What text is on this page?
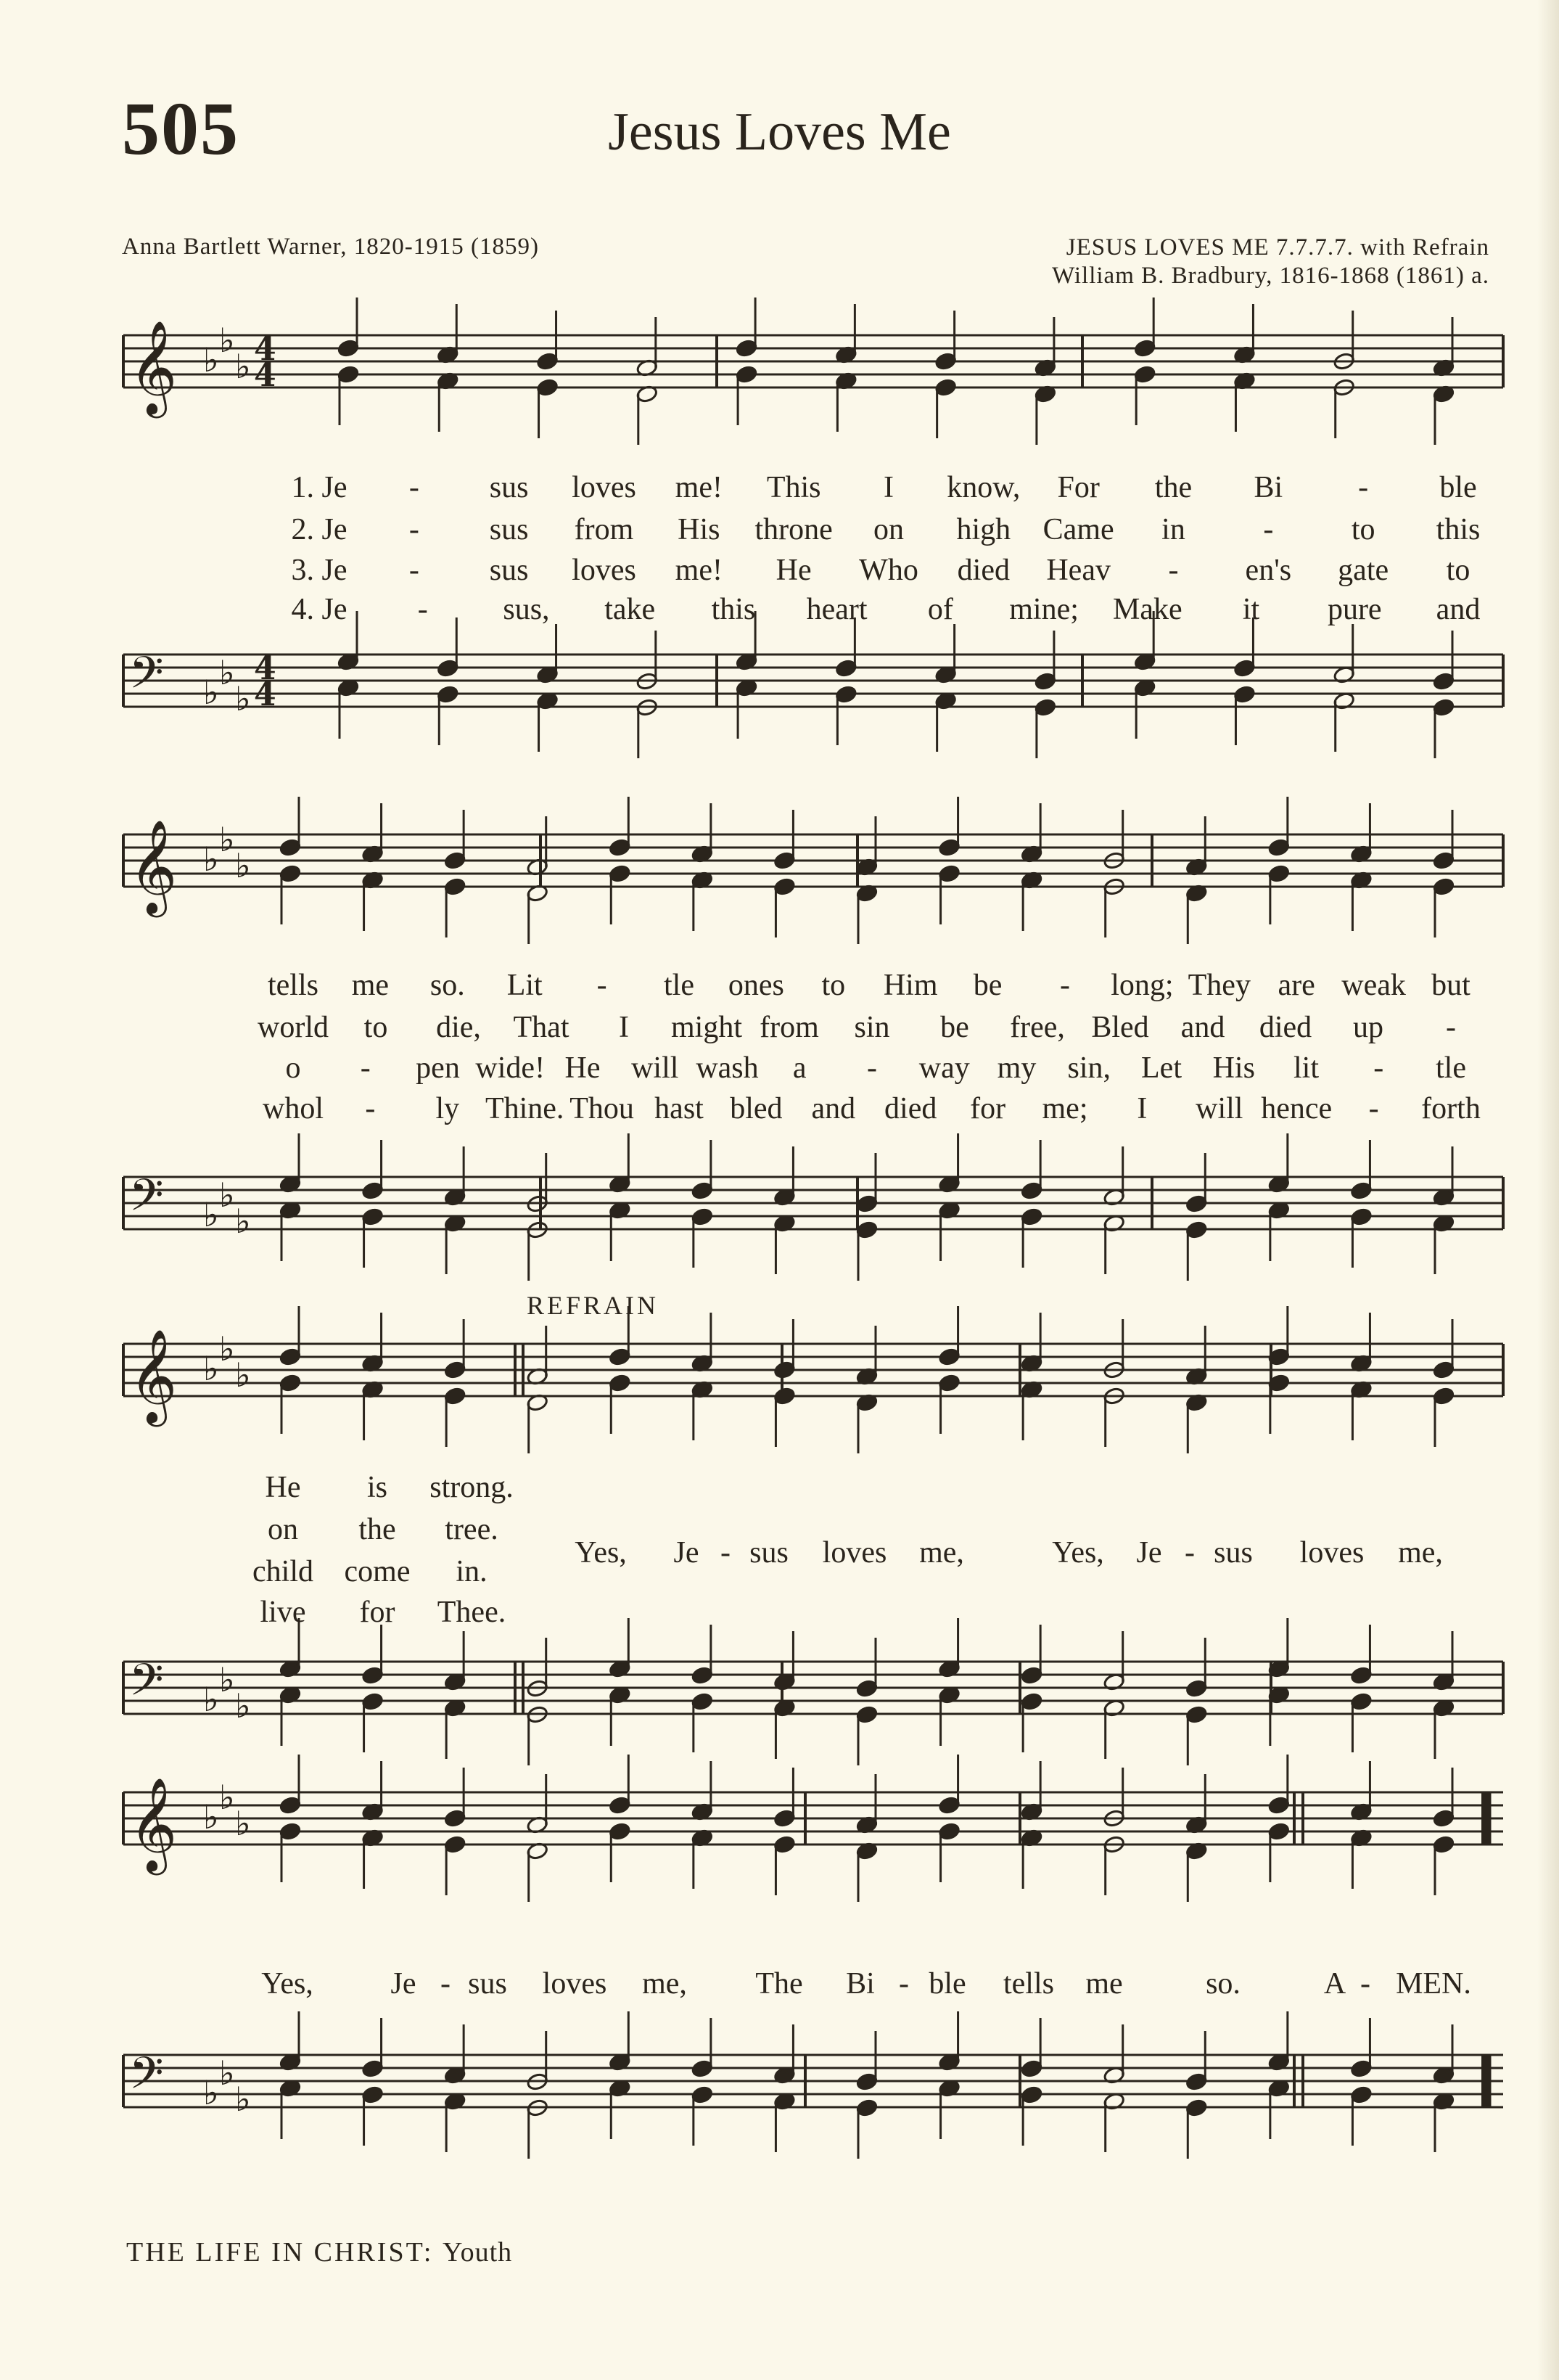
505	Jesus Loves Me
Anna Bartlett Warner, 1820-1915 (1859)	JESUS LOVES ME 7.7.7.7. with Refrain
William B. Bradbury, 1816-1868 (1861) a.
𝄞 ♭ ♭
♭ 4
4
𝄢 ♭ ♭
♭
4
4
𝄞 ♭ ♭
♭
𝄢 ♭ ♭
♭
𝄞 ♭ ♭
♭
𝄢 ♭ ♭
♭
𝄞 ♭ ♭
♭
𝄢 ♭ ♭
♭
1. Je - sus loves me! This I know, For the Bi - ble
2. Je - sus from His throne on high Came in	-	to this
3. Je - sus loves me! He Who died Heav - en's gate to
4. Je - sus, take this heart of mine; Make it pure and
tells me so. Lit - tle ones to Him be - long; They are weak but
world to die, That I might from sin be free, Bled and died up -
o - pen wide! He will wash a - way my sin, Let His lit - tle
whol - ly Thine. Thou hast bled and died for me; I will hence - forth
He is strong.
on the tree.
child come in.
live for Thee.
Yes, Je - sus loves me,	Yes, Je - sus loves me,
Yes,	Je - sus loves me, The Bi - ble tells me	so.	A - MEN.
REFRAIN
THE LIFE IN CHRIST: Youth
